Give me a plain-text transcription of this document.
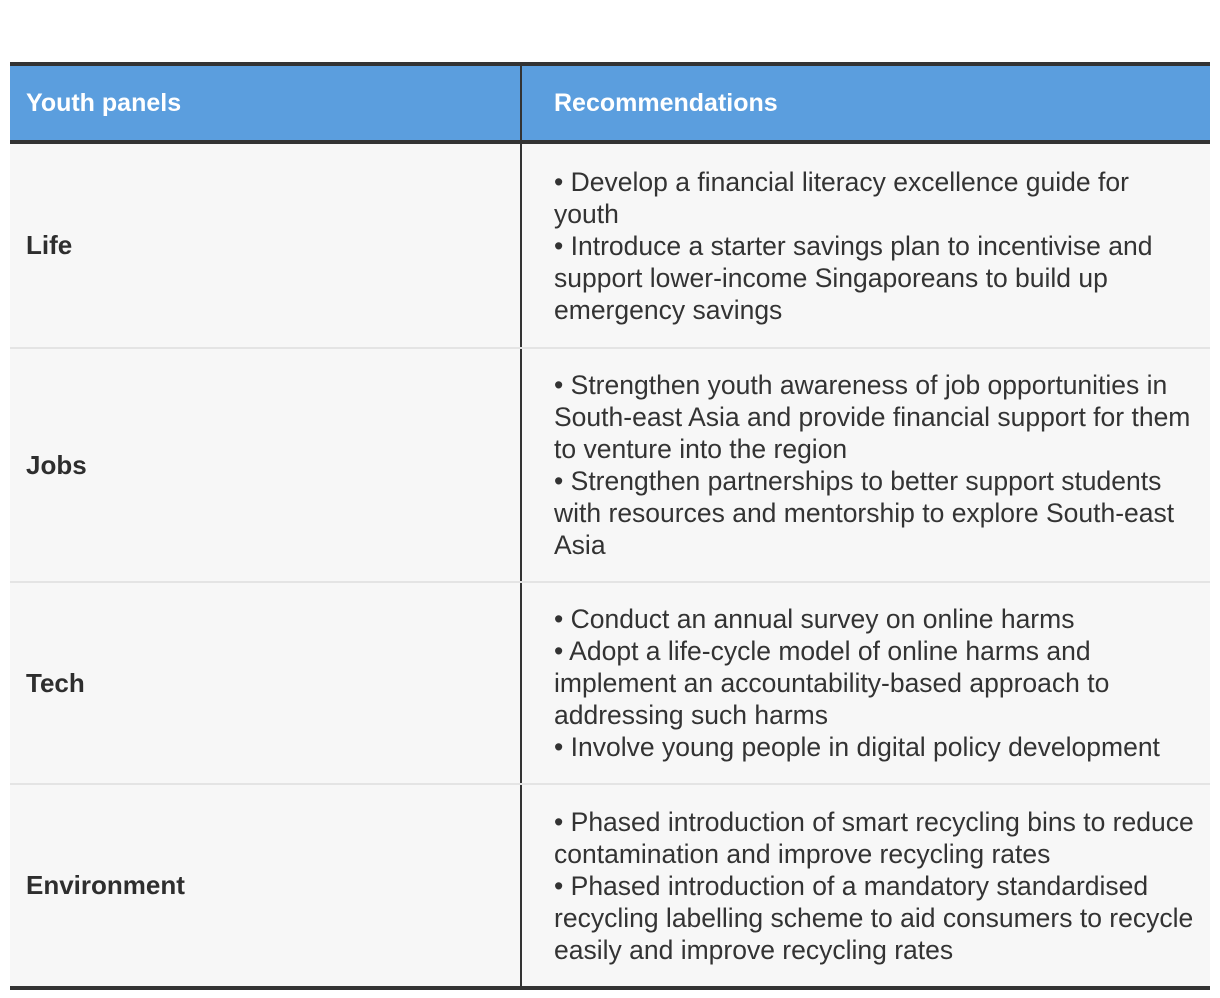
Youth panels	Recommendations
Life	• Develop a financial literacy excellence guide for youth
• Introduce a starter savings plan to incentivise and support lower-income Singaporeans to build up emergency savings

Jobs	• Strengthen youth awareness of job opportunities in South-east Asia and provide financial support for them to venture into the region
• Strengthen partnerships to better support students with resources and mentorship to explore South-east Asia

Tech	• Conduct an annual survey on online harms
• Adopt a life-cycle model of online harms and implement an accountability-based approach to addressing such harms
• Involve young people in digital policy development

Environment	• Phased introduction of smart recycling bins to reduce contamination and improve recycling rates
• Phased introduction of a mandatory standardised recycling labelling scheme to aid consumers to recycle easily and improve recycling rates
